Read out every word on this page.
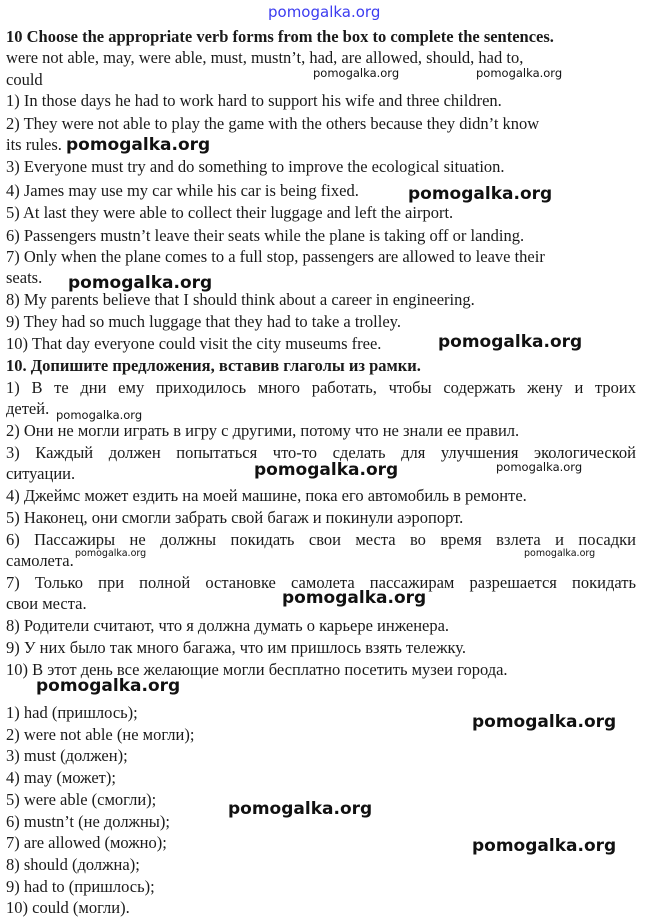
pomogalka.org
pomogalka.org	pomogalka.org
pomogalka.org
pomogalka.org
pomogalka.org
pomogalka.org
pomogalka.org
pomogalka.org	pomogalka.org
pomogalka.org	pomogalka.org
pomogalka.org
pomogalka.org
pomogalka.org
pomogalka.org
pomogalka.org
10 Choose the appropriate verb forms from the box to complete the sentences.
were not able, may, were able, must, mustn’t, had, are allowed, should, had to,
could
1) In those days he had to work hard to support his wife and three children.
2) They were not able to play the game with the others because they didn’t know
its rules.
3) Everyone must try and do something to improve the ecological situation.
4) James may use my car while his car is being fixed.
5) At last they were able to collect their luggage and left the airport.
6) Passengers mustn’t leave their seats while the plane is taking off or landing.
7) Only when the plane comes to a full stop, passengers are allowed to leave their
seats.
8) My parents believe that I should think about a career in engineering.
9) They had so much luggage that they had to take a trolley.
10) That day everyone could visit the city museums free.
10. Допишите предложения, вставив глаголы из рамки.
1) В те дни ему приходилось много работать, чтобы содержать жену и троих
детей.
2) Они не могли играть в игру с другими, потому что не знали ее правил.
3) Каждый должен попытаться что-то сделать для улучшения экологической
ситуации.
4) Джеймс может ездить на моей машине, пока его автомобиль в ремонте.
5) Наконец, они смогли забрать свой багаж и покинули аэропорт.
6) Пассажиры не должны покидать свои места во время взлета и посадки
самолета.
7) Только при полной остановке самолета пассажирам разрешается покидать
свои места.
8) Родители считают, что я должна думать о карьере инженера.
9) У них было так много багажа, что им пришлось взять тележку.
10) В этот день все желающие могли бесплатно посетить музеи города.
1) had (пришлось);
2) were not able (не могли);
3) must (должен);
4) may (может);
5) were able (смогли);
6) mustn’t (не должны);
7) are allowed (можно);
8) should (должна);
9) had to (пришлось);
10) could (могли).
